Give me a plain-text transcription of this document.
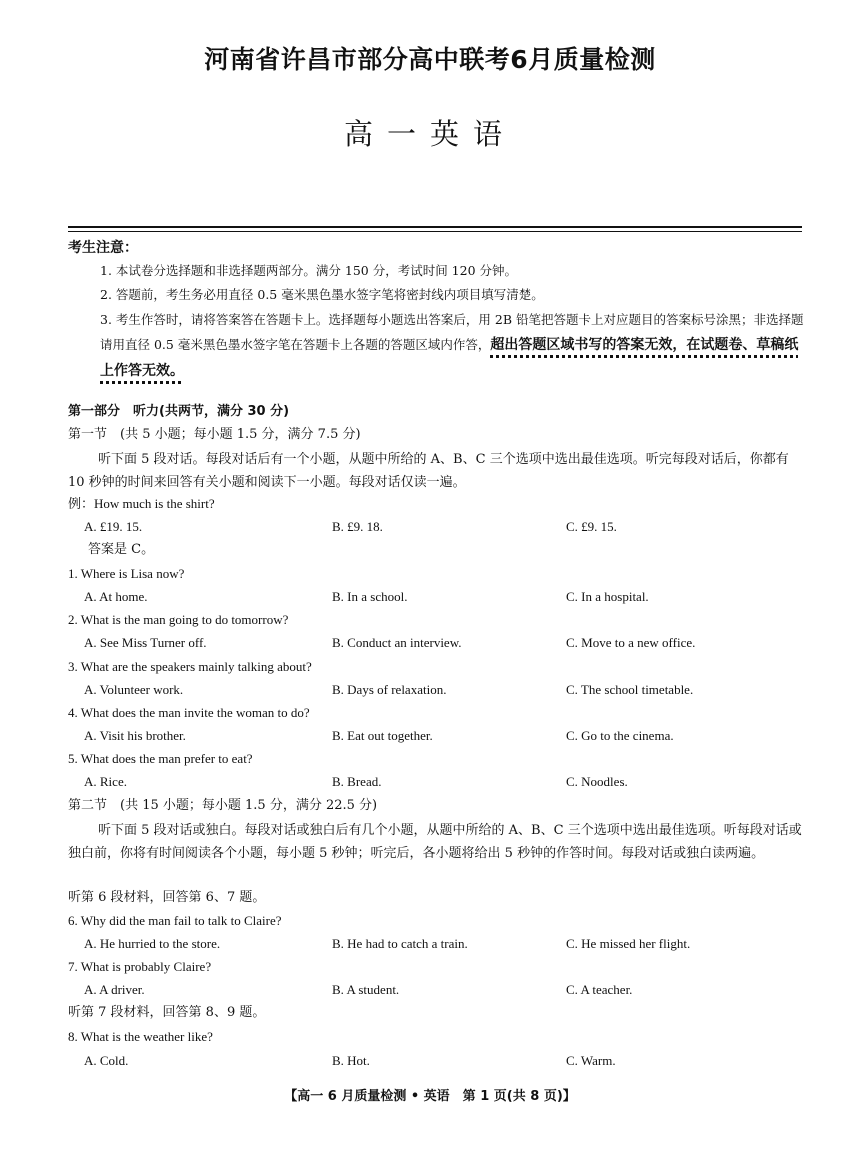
河南省许昌市部分高中联考6月质量检测
高一英语
考生注意：
1. 本试卷分选择题和非选择题两部分。满分 150 分，考试时间 120 分钟。
2. 答题前，考生务必用直径 0.5 毫米黑色墨水签字笔将密封线内项目填写清楚。
3. 考生作答时，请将答案答在答题卡上。选择题每小题选出答案后，用 2B 铅笔把答题卡上对应题目的答案标号涂黑；非选择题请用直径 0.5 毫米黑色墨水签字笔在答题卡上各题的答题区域内作答，超出答题区域书写的答案无效，在试题卷、草稿纸上作答无效。
第一部分　听力(共两节，满分 30 分)
第一节　(共 5 小题；每小题 1.5 分，满分 7.5 分)
听下面 5 段对话。每段对话后有一个小题，从题中所给的 A、B、C 三个选项中选出最佳选项。听完每段对话后，你都有 10 秒钟的时间来回答有关小题和阅读下一小题。每段对话仅读一遍。
例：How much is the shirt?
A. £19. 15.	B. £9. 18.	C. £9. 15.
答案是 C。
1. Where is Lisa now?
A. At home.	B. In a school.	C. In a hospital.
2. What is the man going to do tomorrow?
A. See Miss Turner off.	B. Conduct an interview.	C. Move to a new office.
3. What are the speakers mainly talking about?
A. Volunteer work.	B. Days of relaxation.	C. The school timetable.
4. What does the man invite the woman to do?
A. Visit his brother.	B. Eat out together.	C. Go to the cinema.
5. What does the man prefer to eat?
A. Rice.	B. Bread.	C. Noodles.
第二节　(共 15 小题；每小题 1.5 分，满分 22.5 分)
听下面 5 段对话或独白。每段对话或独白后有几个小题，从题中所给的 A、B、C 三个选项中选出最佳选项。听每段对话或独白前，你将有时间阅读各个小题，每小题 5 秒钟；听完后，各小题将给出 5 秒钟的作答时间。每段对话或独白读两遍。
听第 6 段材料，回答第 6、7 题。
6. Why did the man fail to talk to Claire?
A. He hurried to the store.	B. He had to catch a train.	C. He missed her flight.
7. What is probably Claire?
A. A driver.	B. A student.	C. A teacher.
听第 7 段材料，回答第 8、9 题。
8. What is the weather like?
A. Cold.	B. Hot.	C. Warm.
【高一 6 月质量检测 • 英语　第 1 页(共 8 页)】
